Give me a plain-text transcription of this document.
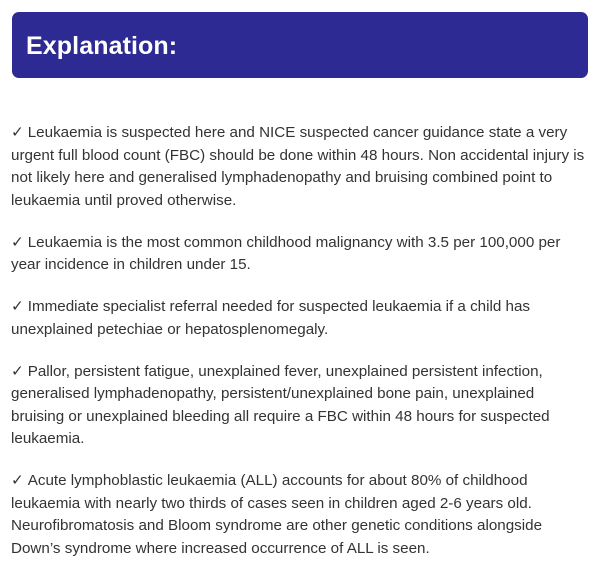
Explanation:

✓ Leukaemia is suspected here and NICE suspected cancer guidance state a very urgent full blood count (FBC) should be done within 48 hours. Non accidental injury is not likely here and generalised lymphadenopathy and bruising combined point to leukaemia until proved otherwise.

✓ Leukaemia is the most common childhood malignancy with 3.5 per 100,000 per year incidence in children under 15.

✓ Immediate specialist referral needed for suspected leukaemia if a child has unexplained petechiae or hepatosplenomegaly.

✓ Pallor, persistent fatigue, unexplained fever, unexplained persistent infection, generalised lymphadenopathy, persistent/unexplained bone pain, unexplained bruising or unexplained bleeding all require a FBC within 48 hours for suspected leukaemia.

✓ Acute lymphoblastic leukaemia (ALL) accounts for about 80% of childhood leukaemia with nearly two thirds of cases seen in children aged 2-6 years old. Neurofibromatosis and Bloom syndrome are other genetic conditions alongside Down’s syndrome where increased occurrence of ALL is seen.
